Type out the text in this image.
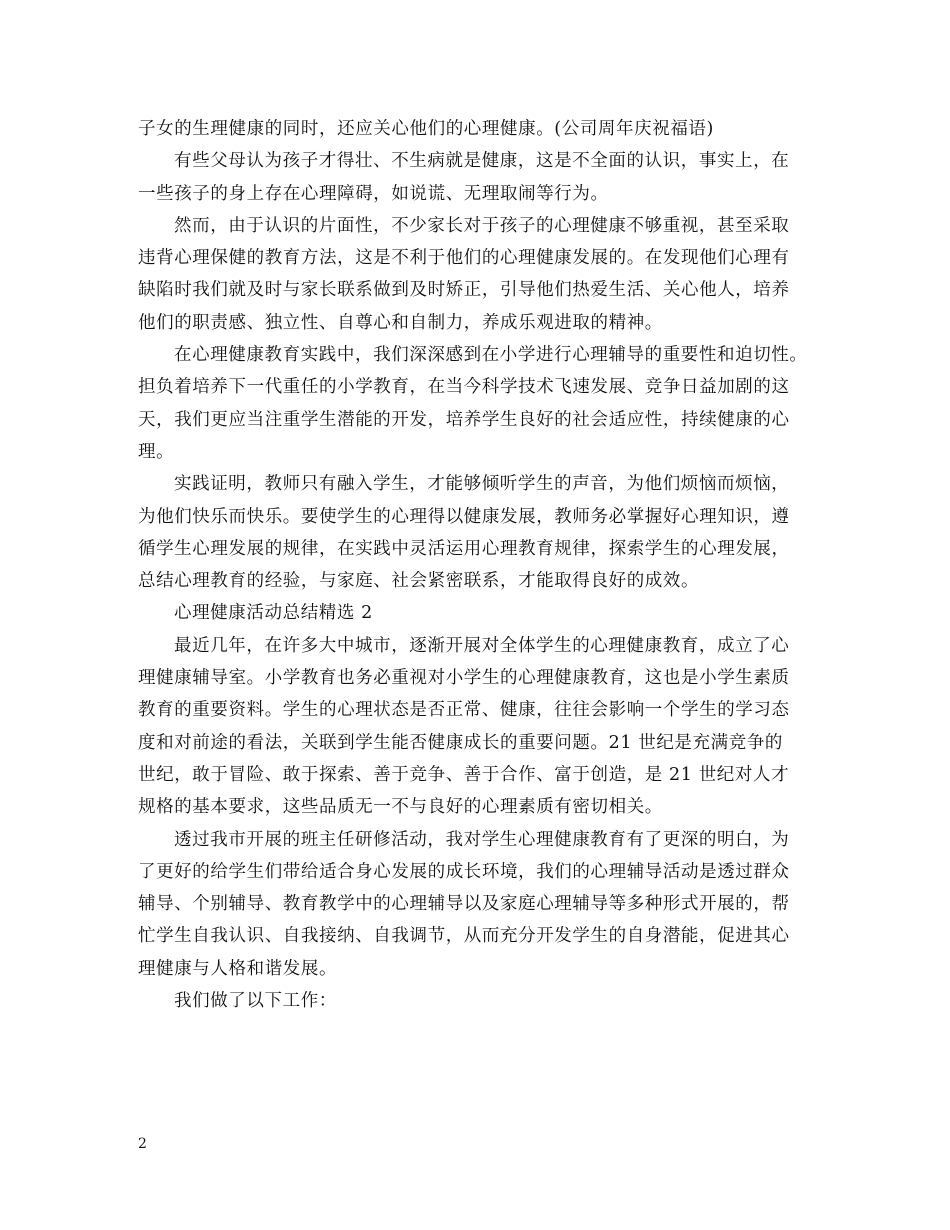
子女的生理健康的同时，还应关心他们的心理健康。(公司周年庆祝福语)
有些父母认为孩子才得壮、不生病就是健康，这是不全面的认识，事实上，在
一些孩子的身上存在心理障碍，如说谎、无理取闹等行为。
然而，由于认识的片面性，不少家长对于孩子的心理健康不够重视，甚至采取
违背心理保健的教育方法，这是不利于他们的心理健康发展的。在发现他们心理有
缺陷时我们就及时与家长联系做到及时矫正，引导他们热爱生活、关心他人，培养
他们的职责感、独立性、自尊心和自制力，养成乐观进取的精神。
在心理健康教育实践中，我们深深感到在小学进行心理辅导的重要性和迫切性。
担负着培养下一代重任的小学教育，在当今科学技术飞速发展、竞争日益加剧的这
天，我们更应当注重学生潜能的开发，培养学生良好的社会适应性，持续健康的心
理。
实践证明，教师只有融入学生，才能够倾听学生的声音，为他们烦恼而烦恼，
为他们快乐而快乐。要使学生的心理得以健康发展，教师务必掌握好心理知识，遵
循学生心理发展的规律，在实践中灵活运用心理教育规律，探索学生的心理发展，
总结心理教育的经验，与家庭、社会紧密联系，才能取得良好的成效。
心理健康活动总结精选 2
最近几年，在许多大中城市，逐渐开展对全体学生的心理健康教育，成立了心
理健康辅导室。小学教育也务必重视对小学生的心理健康教育，这也是小学生素质
教育的重要资料。学生的心理状态是否正常、健康，往往会影响一个学生的学习态
度和对前途的看法，关联到学生能否健康成长的重要问题。21 世纪是充满竞争的
世纪，敢于冒险、敢于探索、善于竞争、善于合作、富于创造，是 21 世纪对人才
规格的基本要求，这些品质无一不与良好的心理素质有密切相关。
透过我市开展的班主任研修活动，我对学生心理健康教育有了更深的明白，为
了更好的给学生们带给适合身心发展的成长环境，我们的心理辅导活动是透过群众
辅导、个别辅导、教育教学中的心理辅导以及家庭心理辅导等多种形式开展的，帮
忙学生自我认识、自我接纳、自我调节，从而充分开发学生的自身潜能，促进其心
理健康与人格和谐发展。
我们做了以下工作：
2
